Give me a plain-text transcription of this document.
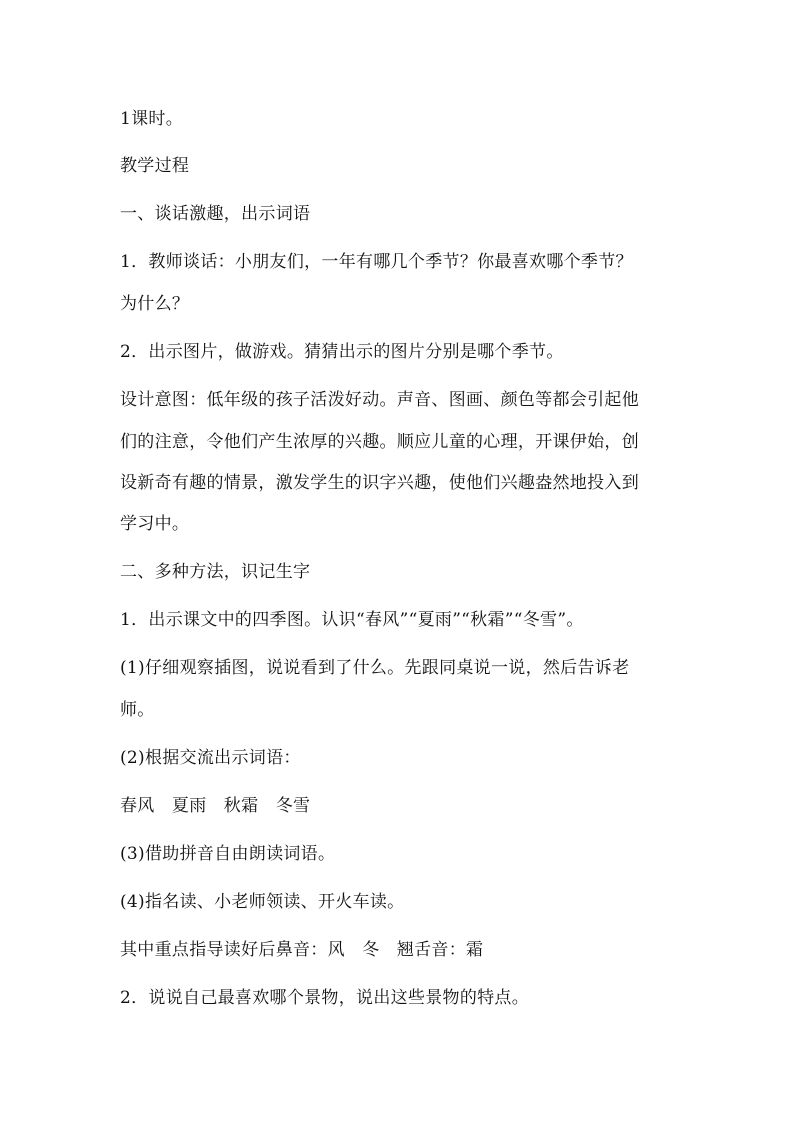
1课时。
教学过程
一、谈话激趣，出示词语
1．教师谈话：小朋友们，一年有哪几个季节？你最喜欢哪个季节？
为什么？
2．出示图片，做游戏。猜猜出示的图片分别是哪个季节。
设计意图：低年级的孩子活泼好动。声音、图画、颜色等都会引起他
们的注意，令他们产生浓厚的兴趣。顺应儿童的心理，开课伊始，创
设新奇有趣的情景，激发学生的识字兴趣，使他们兴趣盎然地投入到
学习中。
二、多种方法，识记生字
1．出示课文中的四季图。认识“春风”“夏雨”“秋霜”“冬雪”。
(1)仔细观察插图，说说看到了什么。先跟同桌说一说，然后告诉老
师。
(2)根据交流出示词语：
春风　夏雨　秋霜　冬雪
(3)借助拼音自由朗读词语。
(4)指名读、小老师领读、开火车读。
其中重点指导读好后鼻音：风　冬　翘舌音：霜
2．说说自己最喜欢哪个景物，说出这些景物的特点。
